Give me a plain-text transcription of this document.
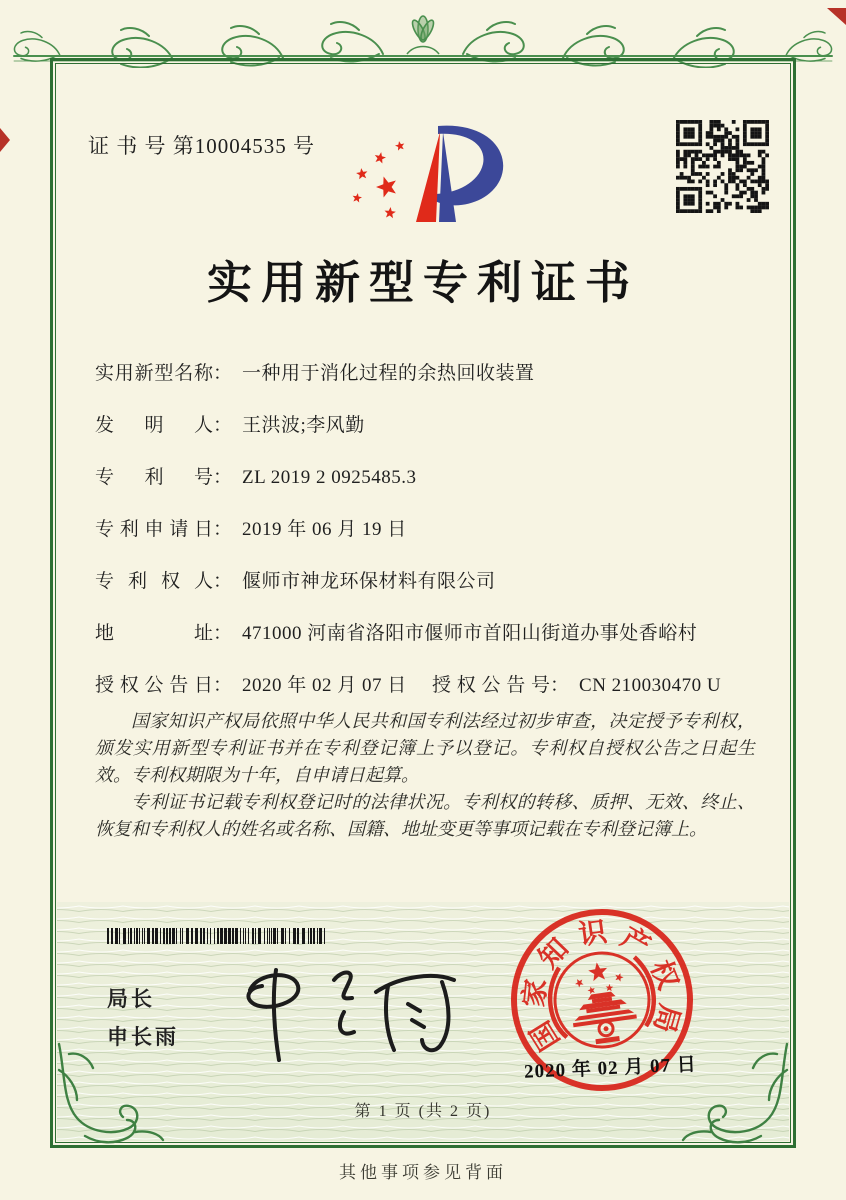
证 书 号 第10004535 号
实用新型专利证书
实用新型名称： 一种用于消化过程的余热回收装置
发明人： 王洪波;李风勤
专利号： ZL 2019 2 0925485.3
专利申请日： 2019 年 06 月 19 日
专利权人： 偃师市神龙环保材料有限公司
地址： 471000 河南省洛阳市偃师市首阳山街道办事处香峪村
授权公告日： 2020 年 02 月 07 日	授权公告号： CN 210030470 U

国家知识产权局依照中华人民共和国专利法经过初步审查，决定授予专利权，颁发实用新型专利证书并在专利登记簿上予以登记。专利权自授权公告之日起生效。专利权期限为十年，自申请日起算。

专利证书记载专利权登记时的法律状况。专利权的转移、质押、无效、终止、恢复和专利权人的姓名或名称、国籍、地址变更等事项记载在专利登记簿上。

局长
申长雨	国
家
知 识 产
权
局
2020 年 02 月 07 日
第 1 页 (共 2 页)
其他事项参见背面
